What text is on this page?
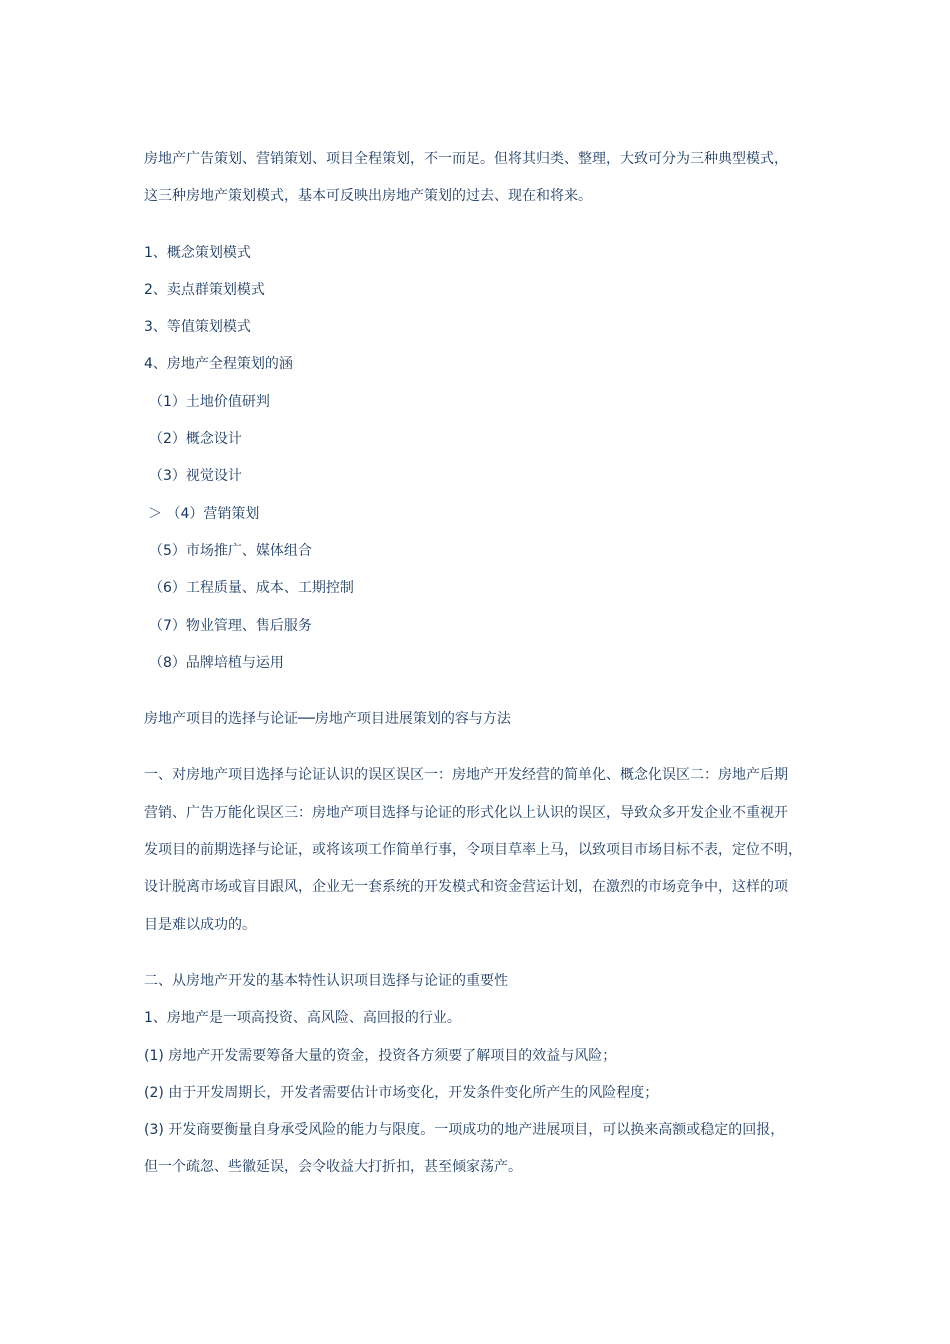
房地产广告策划、营销策划、项目全程策划，不一而足。但将其归类、整理，大致可分为三种典型模式，
这三种房地产策划模式，基本可反映出房地产策划的过去、现在和将来。
1、概念策划模式
2、卖点群策划模式
3、等值策划模式
4、房地产全程策划的涵
（1）土地价值研判
（2）概念设计
（3）视觉设计
＞ （4）营销策划
（5）市场推广、媒体组合
（6）工程质量、成本、工期控制
（7）物业管理、售后服务
（8）品牌培植与运用
房地产项目的选择与论证──房地产项目进展策划的容与方法
一、对房地产项目选择与论证认识的误区误区一：房地产开发经营的简单化、概念化误区二：房地产后期
营销、广告万能化误区三：房地产项目选择与论证的形式化以上认识的误区，导致众多开发企业不重视开
发项目的前期选择与论证，或将该项工作简单行事，令项目草率上马，以致项目市场目标不表，定位不明，
设计脱离市场或盲目跟风，企业无一套系统的开发模式和资金营运计划，在激烈的市场竞争中，这样的项
目是难以成功的。
二、从房地产开发的基本特性认识项目选择与论证的重要性
1、房地产是一项高投资、高风险、高回报的行业。
(1) 房地产开发需要筹备大量的资金，投资各方须要了解项目的效益与风险；
(2) 由于开发周期长，开发者需要估计市场变化，开发条件变化所产生的风险程度；
(3) 开发商要衡量自身承受风险的能力与限度。一项成功的地产进展项目，可以换来高额或稳定的回报，
但一个疏忽、些徽延误，会令收益大打折扣，甚至倾家荡产。
